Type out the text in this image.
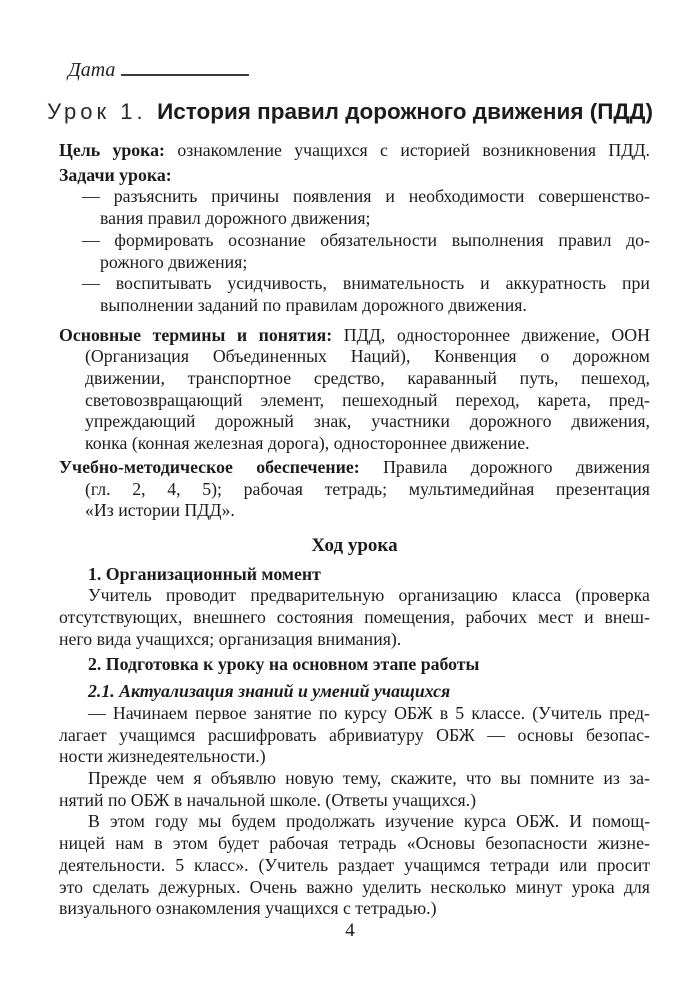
Дата
Урок 1. История правил дорожного движения (ПДД)
Цель урока: ознакомление учащихся с историей возникновения ПДД.
Задачи урока:
— разъяснить причины появления и необходимости совершенство-
вания правил дорожного движения;
— формировать осознание обязательности выполнения правил до-
рожного движения;
— воспитывать усидчивость, внимательность и аккуратность при
выполнении заданий по правилам дорожного движения.
Основные термины и понятия: ПДД, одностороннее движение, ООН
(Организация Объединенных Наций), Конвенция о дорожном
движении, транспортное средство, караванный путь, пешеход,
световозвращающий элемент, пешеходный переход, карета, пред-
упреждающий дорожный знак, участники дорожного движения,
конка (конная железная дорога), одностороннее движение.
Учебно-методическое обеспечение: Правила дорожного движения
(гл. 2, 4, 5); рабочая тетрадь; мультимедийная презентация
«Из истории ПДД».
Ход урока
1. Организационный момент
Учитель проводит предварительную организацию класса (проверка
отсутствующих, внешнего состояния помещения, рабочих мест и внеш-
него вида учащихся; организация внимания).
2. Подготовка к уроку на основном этапе работы
2.1. Актуализация знаний и умений учащихся
— Начинаем первое занятие по курсу ОБЖ в 5 классе. (Учитель пред-
лагает учащимся расшифровать абривиатуру ОБЖ — основы безопас-
ности жизнедеятельности.)
Прежде чем я объявлю новую тему, скажите, что вы помните из за-
нятий по ОБЖ в начальной школе. (Ответы учащихся.)
В этом году мы будем продолжать изучение курса ОБЖ. И помощ-
ницей нам в этом будет рабочая тетрадь «Основы безопасности жизне-
деятельности. 5 класс». (Учитель раздает учащимся тетради или просит
это сделать дежурных. Очень важно уделить несколько минут урока для
визуального ознакомления учащихся с тетрадью.)
4
